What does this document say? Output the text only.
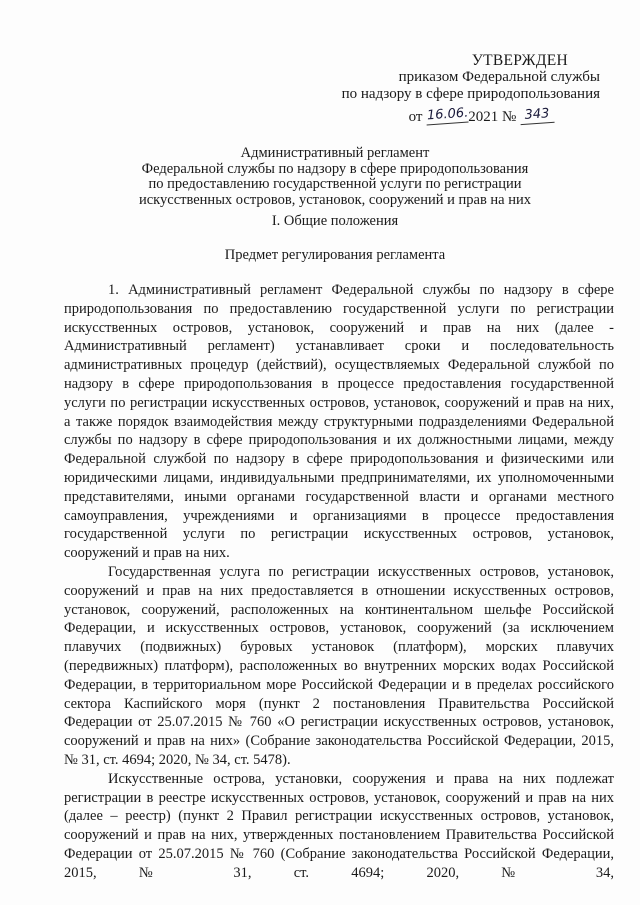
УТВЕРЖДЕН
приказом Федеральной службы
по надзору в сфере природопользования
от 16.06.2021 № 343
Административный регламент
Федеральной службы по надзору в сфере природопользования
по предоставлению государственной услуги по регистрации
искусственных островов, установок, сооружений и прав на них
I. Общие положения
Предмет регулирования регламента

1. Административный регламент Федеральной службы по надзору в сфере природопользования по предоставлению государственной услуги по регистрации искусственных островов, установок, сооружений и прав на них (далее - Административный регламент) устанавливает сроки и последовательность административных процедур (действий), осуществляемых Федеральной службой по надзору в сфере природопользования в процессе предоставления государственной услуги по регистрации искусственных островов, установок, сооружений и прав на них, а также порядок взаимодействия между структурными подразделениями Федеральной службы по надзору в сфере природопользования и их должностными лицами, между Федеральной службой по надзору в сфере природопользования и физическими или юридическими лицами, индивидуальными предпринимателями, их уполномоченными представителями, иными органами государственной власти и органами местного самоуправления, учреждениями и организациями в процессе предоставления государственной услуги по регистрации искусственных островов, установок, сооружений и прав на них.

Государственная услуга по регистрации искусственных островов, установок, сооружений и прав на них предоставляется в отношении искусственных островов, установок, сооружений, расположенных на континентальном шельфе Российской Федерации, и искусственных островов, установок, сооружений (за исключением плавучих (подвижных) буровых установок (платформ), морских плавучих (передвижных) платформ), расположенных во внутренних морских водах Российской Федерации, в территориальном море Российской Федерации и в пределах российского сектора Каспийского моря (пункт 2 постановления Правительства Российской Федерации от 25.07.2015 № 760 «О регистрации искусственных островов, установок, сооружений и прав на них» (Собрание законодательства Российской Федерации, 2015, № 31, ст. 4694; 2020, № 34, ст. 5478).

Искусственные острова, установки, сооружения и права на них подлежат регистрации в реестре искусственных островов, установок, сооружений и прав на них (далее – реестр) (пункт 2 Правил регистрации искусственных островов, установок, сооружений и прав на них, утвержденных постановлением Правительства Российской Федерации от 25.07.2015 № 760 (Собрание законодательства Российской Федерации, 2015, № 31, ст. 4694; 2020, № 34,
